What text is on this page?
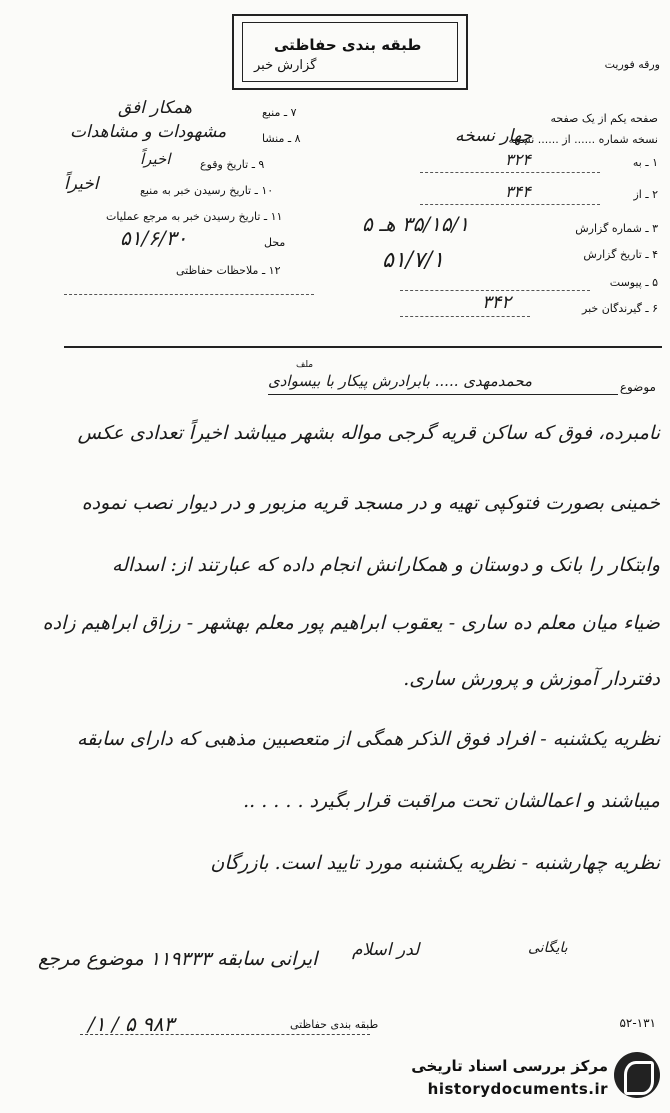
ورقه فوریت
طبقه بندی حفاظتی
گزارش خبر
صفحه یکم از یک صفحه
نسخه شماره ...... از ...... نسخه
چهار نسخه
۱ ـ به
۳۲۴
۲ ـ از
۳۴۴
۳ ـ شماره گزارش
۳۵/۱۵/۱ هـ ۵
۴ ـ تاریخ گزارش
۵۱/۷/۱
۵ ـ پیوست
۶ ـ گیرندگان خبر
۳۴۲
۷ ـ منبع
همکار افق
۸ ـ منشا
مشهودات و مشاهدات
۹ ـ تاریخ وقوع
اخیراً
۱۰ ـ تاریخ رسیدن خبر به منبع
اخیراً
۱۱ ـ تاریخ رسیدن خبر به مرجع عملیات
محل
۵۱/۶/۳۰
۱۲ ـ ملاحظات حفاظتی
موضوع
محمدمهدی ..... بابرادرش پیکار با بیسوادی
ملف
نامبرده، فوق که ساکن قریه گرجی مواله بشهر میباشد اخیراً تعدادی عکس
خمینی بصورت فتوکپی تهیه و در مسجد قریه مزبور و در دیوار نصب نموده
وابتکار را بانک و دوستان و همکارانش انجام داده که عبارتند از: اسداله
ضیاء میان معلم ده ساری - یعقوب ابراهیم پور معلم بهشهر - رزاق ابراهیم زاده
دفتردار آموزش و پرورش ساری.
نظریه یکشنبه - افراد فوق الذکر همگی از متعصبین مذهبی که دارای سابقه
میباشند و اعمالشان تحت مراقبت قرار بگیرد . . . . ..
نظریه چهارشنبه - نظریه یکشنبه مورد تایید است. بازرگان
ایرانی سابقه ۱۱۹۳۳۳ موضوع مرجع لدر اسلام	بایگانی
۹۸۳ ۵ / ۱/	طبقه بندی حفاظتی	۵۲-۱۳۱
مرکز بررسی اسناد تاریخی
historydocuments.ir
